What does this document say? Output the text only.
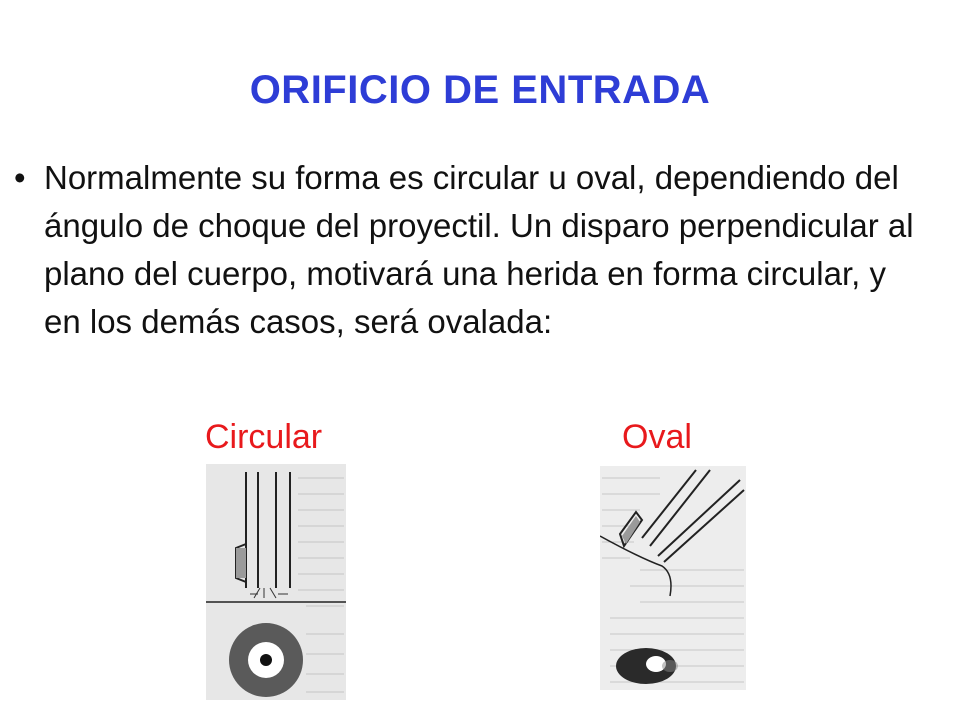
ORIFICIO DE ENTRADA
• Normalmente su forma es circular u oval, dependiendo del ángulo de choque del proyectil. Un disparo perpendicular al plano del cuerpo, motivará una herida en forma circular, y en los demás casos, será ovalada:
Circular	Oval
